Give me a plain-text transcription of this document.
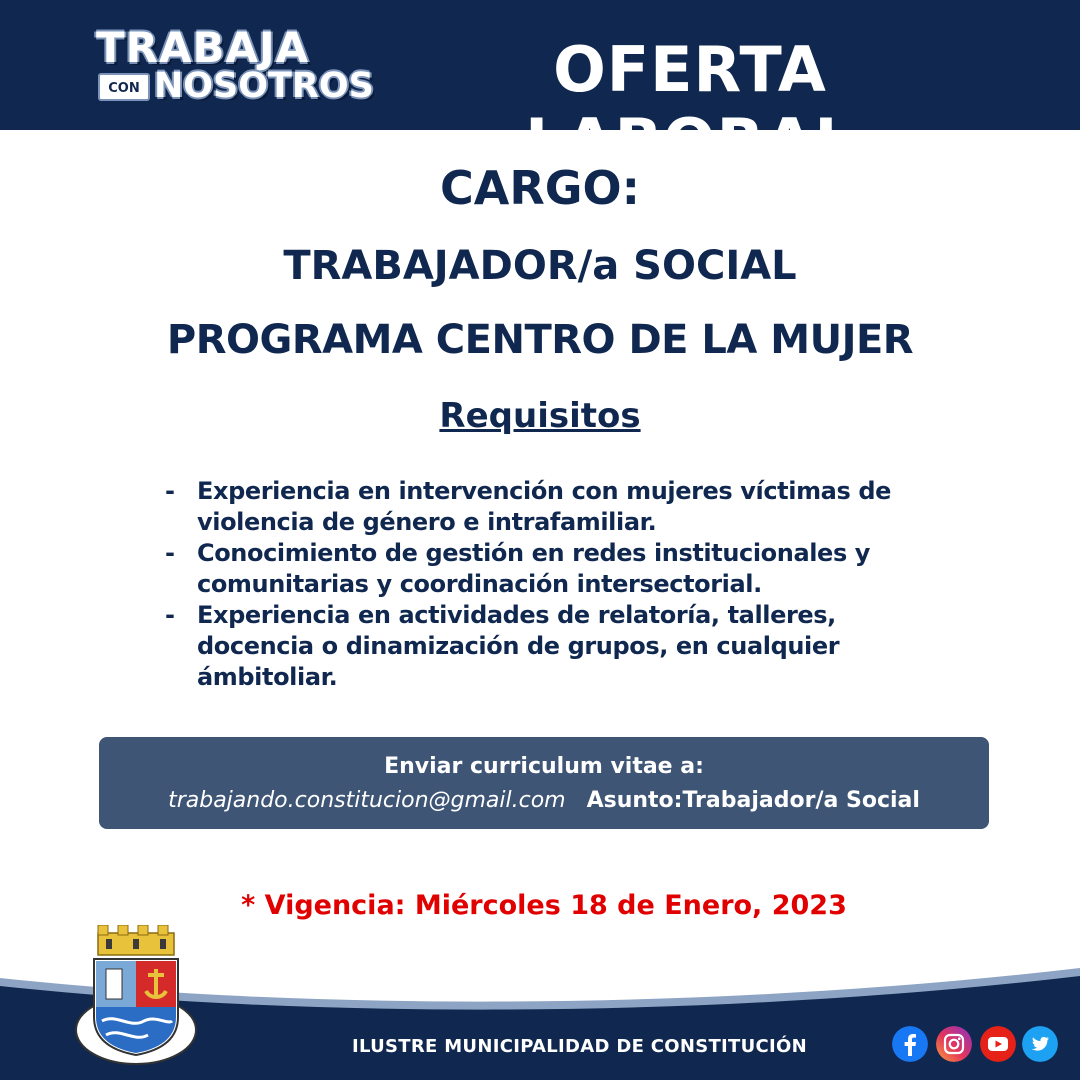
TRABAJA
CON NOSOTROS	OFERTA LABORAL
CARGO:
TRABAJADOR/a SOCIAL
PROGRAMA CENTRO DE LA MUJER
Requisitos
- Experiencia en intervención con mujeres víctimas de violencia de género e intrafamiliar.
- Conocimiento de gestión en redes institucionales y comunitarias y coordinación intersectorial.
- Experiencia en actividades de relatoría, talleres, docencia o dinamización de grupos, en cualquier ámbitoliar.
Enviar curriculum vitae a:
trabajando.constitucion@gmail.com Asunto:Trabajador/a Social
* Vigencia: Miércoles 18 de Enero, 2023
ILUSTRE MUNICIPALIDAD DE CONSTITUCIÓN
